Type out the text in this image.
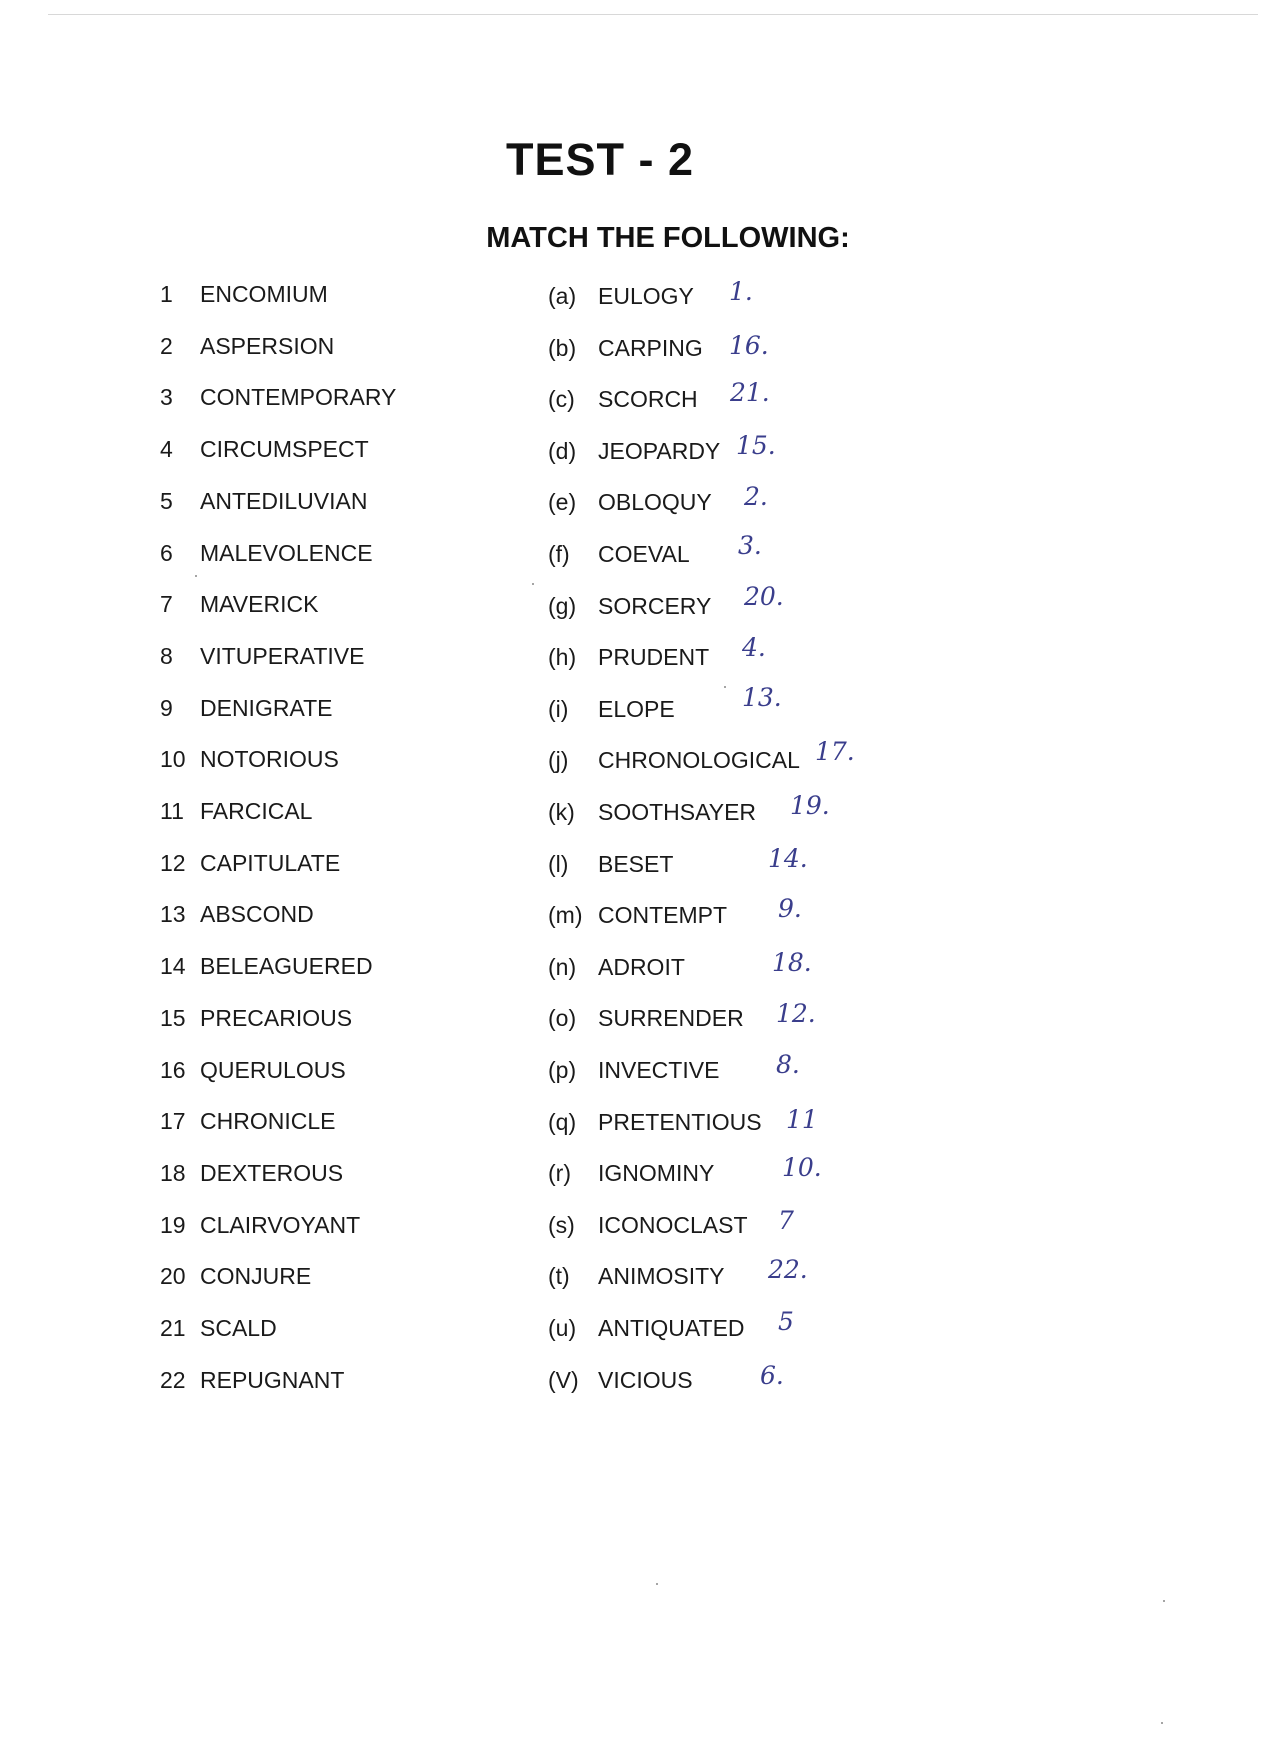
TEST - 2
MATCH THE FOLLOWING:
1 ENCOMIUM
2 ASPERSION
3 CONTEMPORARY
4 CIRCUMSPECT
5 ANTEDILUVIAN
6 MALEVOLENCE
7 MAVERICK
8 VITUPERATIVE
9 DENIGRATE
10 NOTORIOUS
11 FARCICAL
12 CAPITULATE
13 ABSCOND
14 BELEAGUERED
15 PRECARIOUS
16 QUERULOUS
17 CHRONICLE
18 DEXTEROUS
19 CLAIRVOYANT
20 CONJURE
21 SCALD
22 REPUGNANT
(a) EULOGY
(b) CARPING
(c) SCORCH
(d) JEOPARDY
(e) OBLOQUY
(f) COEVAL
(g) SORCERY
(h) PRUDENT
(i) ELOPE
(j) CHRONOLOGICAL
(k) SOOTHSAYER
(l) BESET
(m) CONTEMPT
(n) ADROIT
(o) SURRENDER
(p) INVECTIVE
(q) PRETENTIOUS
(r) IGNOMINY
(s) ICONOCLAST
(t) ANIMOSITY
(u) ANTIQUATED
(V) VICIOUS
1.
16.
21.
15.
2.
3.
20.
4.
13.
17.
19.
14.
9.
18.
12.
8.
11
10.
7
22.
5
6.
